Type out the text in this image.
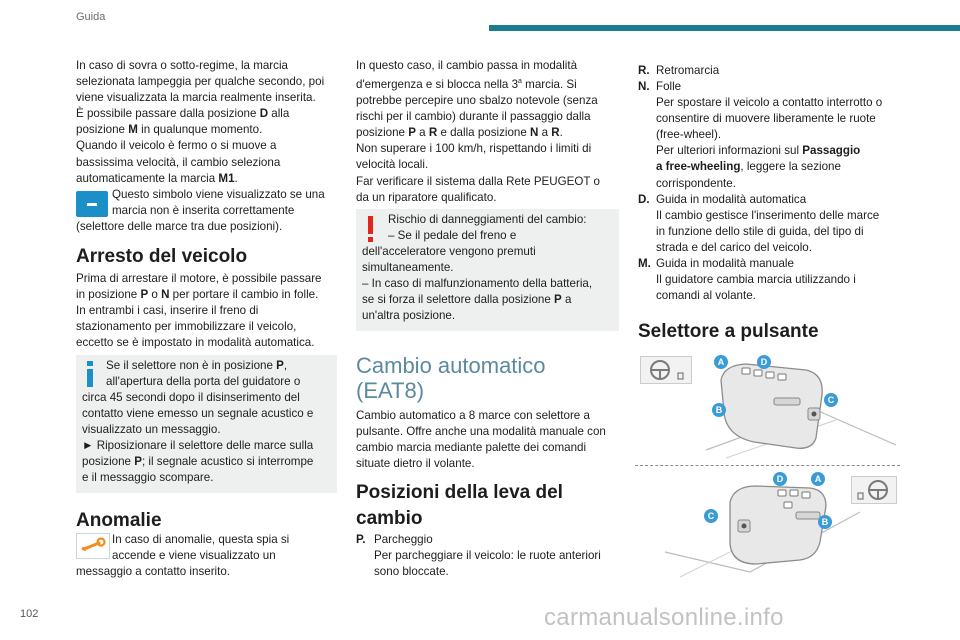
Guida

In caso di sovra o sotto-regime, la marcia

selezionata lampeggia per qualche secondo, poi

viene visualizzata la marcia realmente inserita.

È possibile passare dalla posizione D alla

posizione M in qualunque momento.

Quando il veicolo è fermo o si muove a

bassissima velocità, il cambio seleziona

automaticamente la marcia M1.

Questo simbolo viene visualizzato se una

marcia non è inserita correttamente

(selettore delle marce tra due posizioni).

Arresto del veicolo

Prima di arrestare il motore, è possibile passare

in posizione P o N per portare il cambio in folle.

In entrambi i casi, inserire il freno di

stazionamento per immobilizzare il veicolo,

eccetto se è impostato in modalità automatica.

Se il selettore non è in posizione P,

all'apertura della porta del guidatore o

circa 45 secondi dopo il disinserimento del

contatto viene emesso un segnale acustico e

visualizzato un messaggio.

► Riposizionare il selettore delle marce sulla

posizione P; il segnale acustico si interrompe

e il messaggio scompare.

Anomalie

In caso di anomalie, questa spia si

accende e viene visualizzato un

messaggio a contatto inserito.

In questo caso, il cambio passa in modalità

d'emergenza e si blocca nella 3$^a$ marcia. Si

potrebbe percepire uno sbalzo notevole (senza

rischi per il cambio) durante il passaggio dalla

posizione P a R e dalla posizione N a R.

Non superare i 100 km/h, rispettando i limiti di

velocità locali.

Far verificare il sistema dalla Rete PEUGEOT o

da un riparatore qualificato.

Rischio di danneggiamenti del cambio:

– Se il pedale del freno e

dell'acceleratore vengono premuti

simultaneamente.

– In caso di malfunzionamento della batteria,

se si forza il selettore dalla posizione P a

un'altra posizione.

Cambio automatico
(EAT8)

Cambio automatico a 8 marce con selettore a

pulsante. Offre anche una modalità manuale con

cambio marcia mediante palette dei comandi

situate dietro il volante.

Posizioni della leva del
cambio
P. Parcheggio
Per parcheggiare il veicolo: le ruote anteriori
sono bloccate.
R. Retromarcia
N. Folle
Per spostare il veicolo a contatto interrotto o
consentire di muovere liberamente le ruote
(free-wheel).
Per ulteriori informazioni sul Passaggio
a free-wheeling, leggere la sezione
corrispondente.
D. Guida in modalità automatica
Il cambio gestisce l'inserimento delle marce
in funzione dello stile di guida, del tipo di
strada e del carico del veicolo.
M. Guida in modalità manuale
Il guidatore cambia marcia utilizzando i
comandi al volante.
Selettore a pulsante
A	D
C
B
D	A
C
B
102	carmanualsonline.info
